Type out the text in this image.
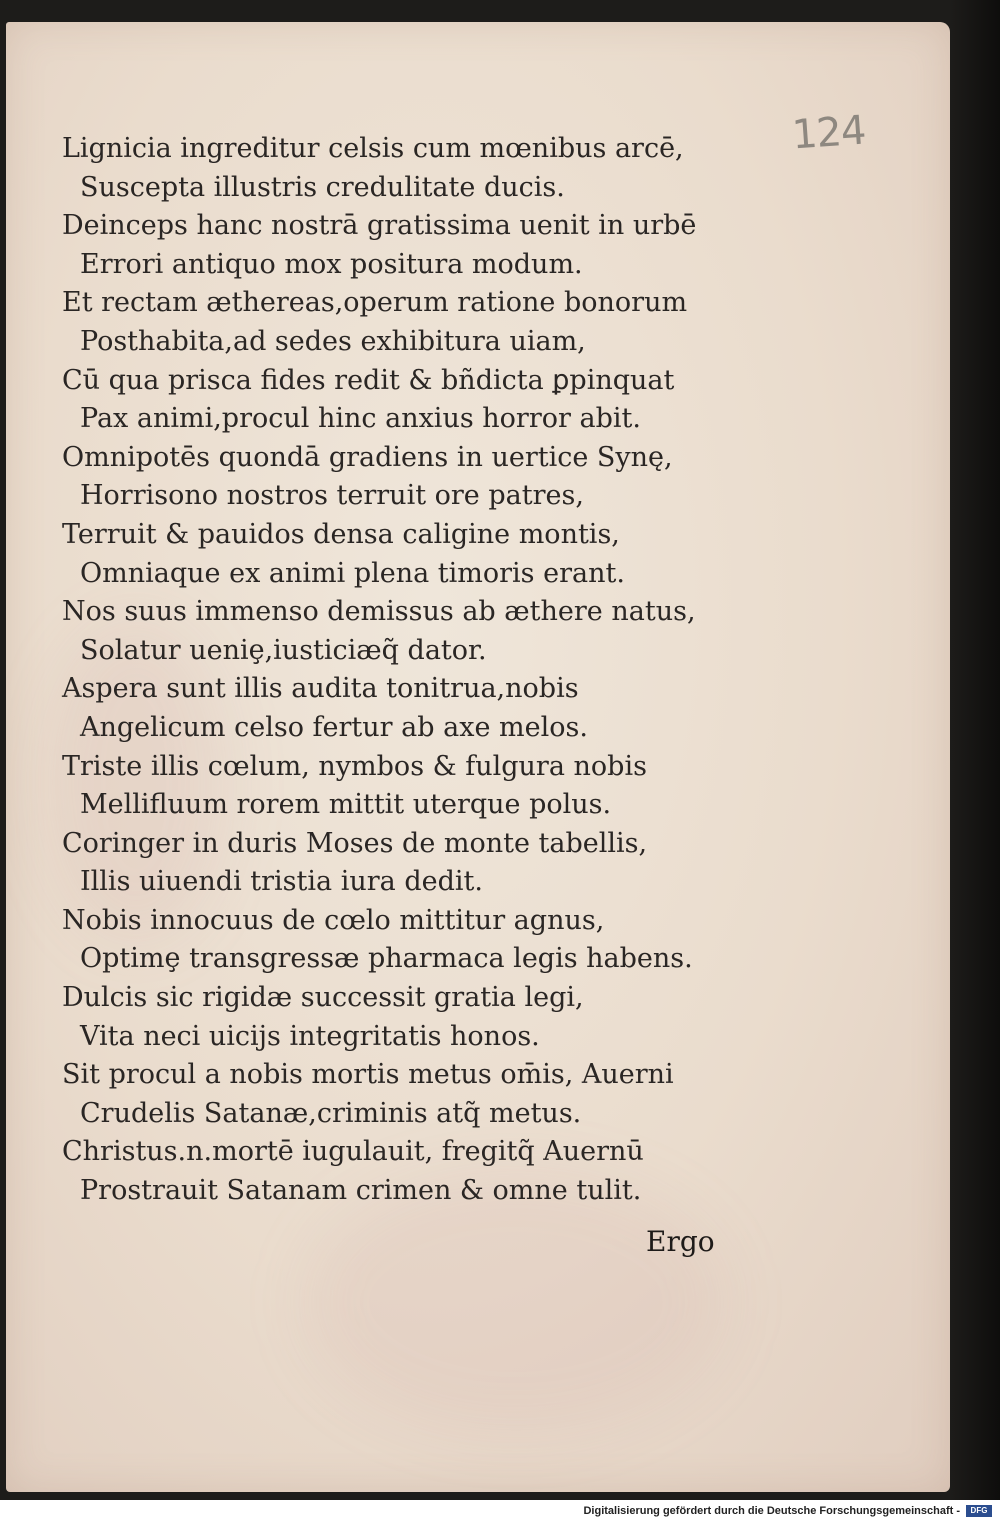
124
Lignicia ingreditur celsis cum mœnibus arcē,
Suscepta illustris credulitate ducis.
Deinceps hanc nostrā gratissima uenit in urbē
Errori antiquo mox positura modum.
Et rectam æthereas,operum ratione bonorum
Posthabita,ad sedes exhibitura uiam,
Cū qua prisca fides redit & bñdicta ꝑpinquat
Pax animi,procul hinc anxius horror abit.
Omnipotēs quondā gradiens in uertice Synę,
Horrisono nostros terruit ore patres,
Terruit & pauidos densa caligine montis,
Omniaque ex animi plena timoris erant.
Nos suus immenso demissus ab æthere natus,
Solatur ueniȩ,iusticiæq̃ dator.
Aspera sunt illis audita tonitrua,nobis
Angelicum celso fertur ab axe melos.
Triste illis cœlum, nymbos & fulgura nobis
Mellifluum rorem mittit uterque polus.
Coringer in duris Moses de monte tabellis,
Illis uiuendi tristia iura dedit.
Nobis innocuus de cœlo mittitur agnus,
Optimȩ transgressæ pharmaca legis habens.
Dulcis sic rigidæ successit gratia legi,
Vita neci uicijs integritatis honos.
Sit procul a nobis mortis metus om̄is, Auerni
Crudelis Satanæ,criminis atq̃ metus.
Christus.n.mortē iugulauit, fregitq̃ Auernū
Prostrauit Satanam crimen & omne tulit.
Ergo
Digitalisierung gefördert durch die Deutsche Forschungsgemeinschaft -	DFG
